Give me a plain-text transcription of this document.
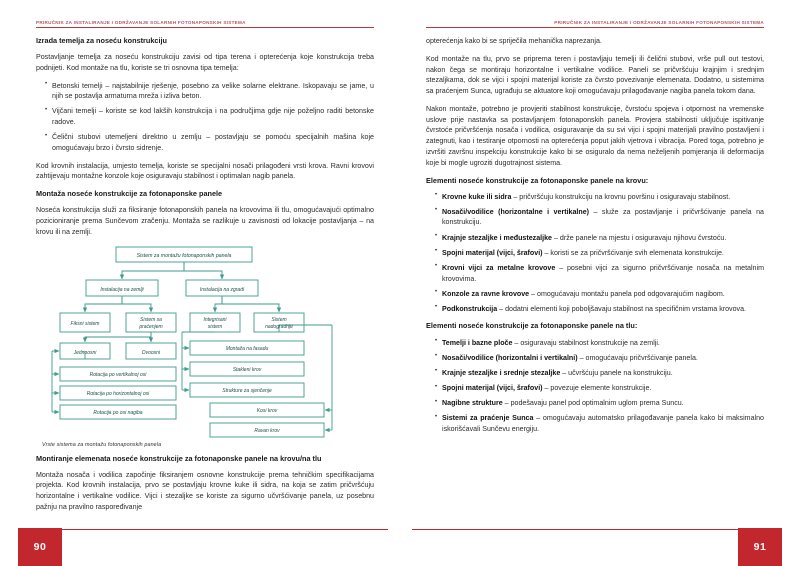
PRIRUČNIK ZA INSTALIRANJE I ODRŽAVANJE SOLARNIH FOTONAPONSKIH SISTEMA
Izrada temelja za noseću konstrukciju

Postavljanje temelja za noseću konstrukciju zavisi od tipa terena i opterećenja koje konstrukcija treba podnijeti. Kod montaže na tlu, koriste se tri osnovna tipa temelja:

• Betonski temelji – najstabilnije rješenje, posebno za velike solarne elektrane. Iskopavaju se jame, u njih se postavlja armaturna mreža i izliva beton.
• Vijčani temelji – koriste se kod lakših konstrukcija i na područjima gdje nije poželjno raditi betonske radove.
• Čelični stubovi utemeljeni direktno u zemlju – postavljaju se pomoću specijalnih mašina koje omogućavaju brzo i čvrsto sidrenje.

Kod krovnih instalacija, umjesto temelja, koriste se specijalni nosači prilagođeni vrsti krova. Ravni krovovi zahtijevaju montažne konzole koje osiguravaju stabilnost i optimalan nagib panela.

Montaža noseće konstrukcije za fotonaponske panele

Noseća konstrukcija služi za fiksiranje fotonaponskih panela na krovovima ili tlu, omogućavajući optimalno pozicioniranje prema Sunčevom zračenju. Montaža se razlikuje u zavisnosti od lokacije postavljanja – na krovu ili na zemlji.

Sistem za montažu fotonaponskih panela
Instalacija na zemlji	Instalacija na zgradi
Fiksni sistem
Sistem sa
praćenjem
Integrisani
sistem
Sistem
nadogradnje
Jednoosni	Dvoosni
Rotacija po vertikalnoj osi
Rotacija po horizontalnoj osi
Rotacija po osi nagiba
Montaža na fasadu
Stakleni krov
Strukture za sjenčenje
Kosi krov
Ravan krov
Vrste sistema za montažu fotonaponskih panela
Montiranje elemenata noseće konstrukcije za fotonaponske panele na krovu/na tlu

Montaža nosača i vodilica započinje fiksiranjem osnovne konstrukcije prema tehničkim specifikacijama projekta. Kod krovnih instalacija, prvo se postavljaju krovne kuke ili sidra, na koja se zatim pričvršćuju horizontalne i vertikalne vodilice. Vijci i stezaljke se koriste za sigurno učvršćivanje panela, uz posebnu pažnju na pravilno raspoređivanje

90
PRIRUČNIK ZA INSTALIRANJE I ODRŽAVANJE SOLARNIH FOTONAPONSKIH SISTEMA

opterećenja kako bi se spriječila mehanička naprezanja.

Kod montaže na tlu, prvo se priprema teren i postavljaju temelji ili čelični stubovi, vrše pull out testovi, nakon čega se montiraju horizontalne i vertikalne vodilice. Paneli se pričvršćuju krajnjim i srednjim stezaljkama, dok se vijci i spojni materijal koriste za čvrsto povezivanje elemenata. Dodatno, u sistemima sa praćenjem Sunca, ugrađuju se aktuatore koji omogućavaju prilagođavanje nagiba panela tokom dana.

Nakon montaže, potrebno je provjeriti stabilnost konstrukcije, čvrstoću spojeva i otpornost na vremenske uslove prije nastavka sa postavljanjem fotonaponskih panela. Provjera stabilnosti uključuje ispitivanje čvrstoće pričvršćenja nosača i vodilica, osiguravanje da su svi vijci i spojni materijali pravilno postavljeni i zategnuti, kao i testiranje otpornosti na opterećenja poput jakih vjetrova i vibracija. Pored toga, potrebno je izvršiti završnu inspekciju konstrukcije kako bi se osiguralo da nema neželjenih pomjeranja ili deformacija koje bi mogle ugroziti dugotrajnost sistema.

Elementi noseće konstrukcije za fotonaponske panele na krovu:
• Krovne kuke ili sidra – pričvršćuju konstrukciju na krovnu površinu i osiguravaju stabilnost.
• Nosači/vodilice (horizontalne i vertikalne) – služe za postavljanje i pričvršćivanje panela na konstrukciju.
• Krajnje stezaljke i međustezaljke – drže panele na mjestu i osiguravaju njihovu čvrstoću.
• Spojni materijal (vijci, šrafovi) – koristi se za pričvršćivanje svih elemenata konstrukcije.
• Krovni vijci za metalne krovove – posebni vijci za sigurno pričvršćivanje nosača na metalnim krovovima.
• Konzole za ravne krovove – omogućavaju montažu panela pod odgovarajućim nagibom.
• Podkonstrukcija – dodatni elementi koji poboljšavaju stabilnost na specifičnim vrstama krovova.
Elementi noseće konstrukcije za fotonaponske panele na tlu:
• Temelji i bazne ploče – osiguravaju stabilnost konstrukcije na zemlji.
• Nosači/vodilice (horizontalni i vertikalni) – omogućavaju pričvršćivanje panela.
• Krajnje stezaljke i srednje stezaljke – učvršćuju panele na konstrukciju.
• Spojni materijal (vijci, šrafovi) – povezuje elemente konstrukcije.
• Nagibne strukture – podešavaju panel pod optimalnim uglom prema Suncu.
• Sistemi za praćenje Sunca – omogućavaju automatsko prilagođavanje panela kako bi maksimalno iskorišćavali Sunčevu energiju.
91
